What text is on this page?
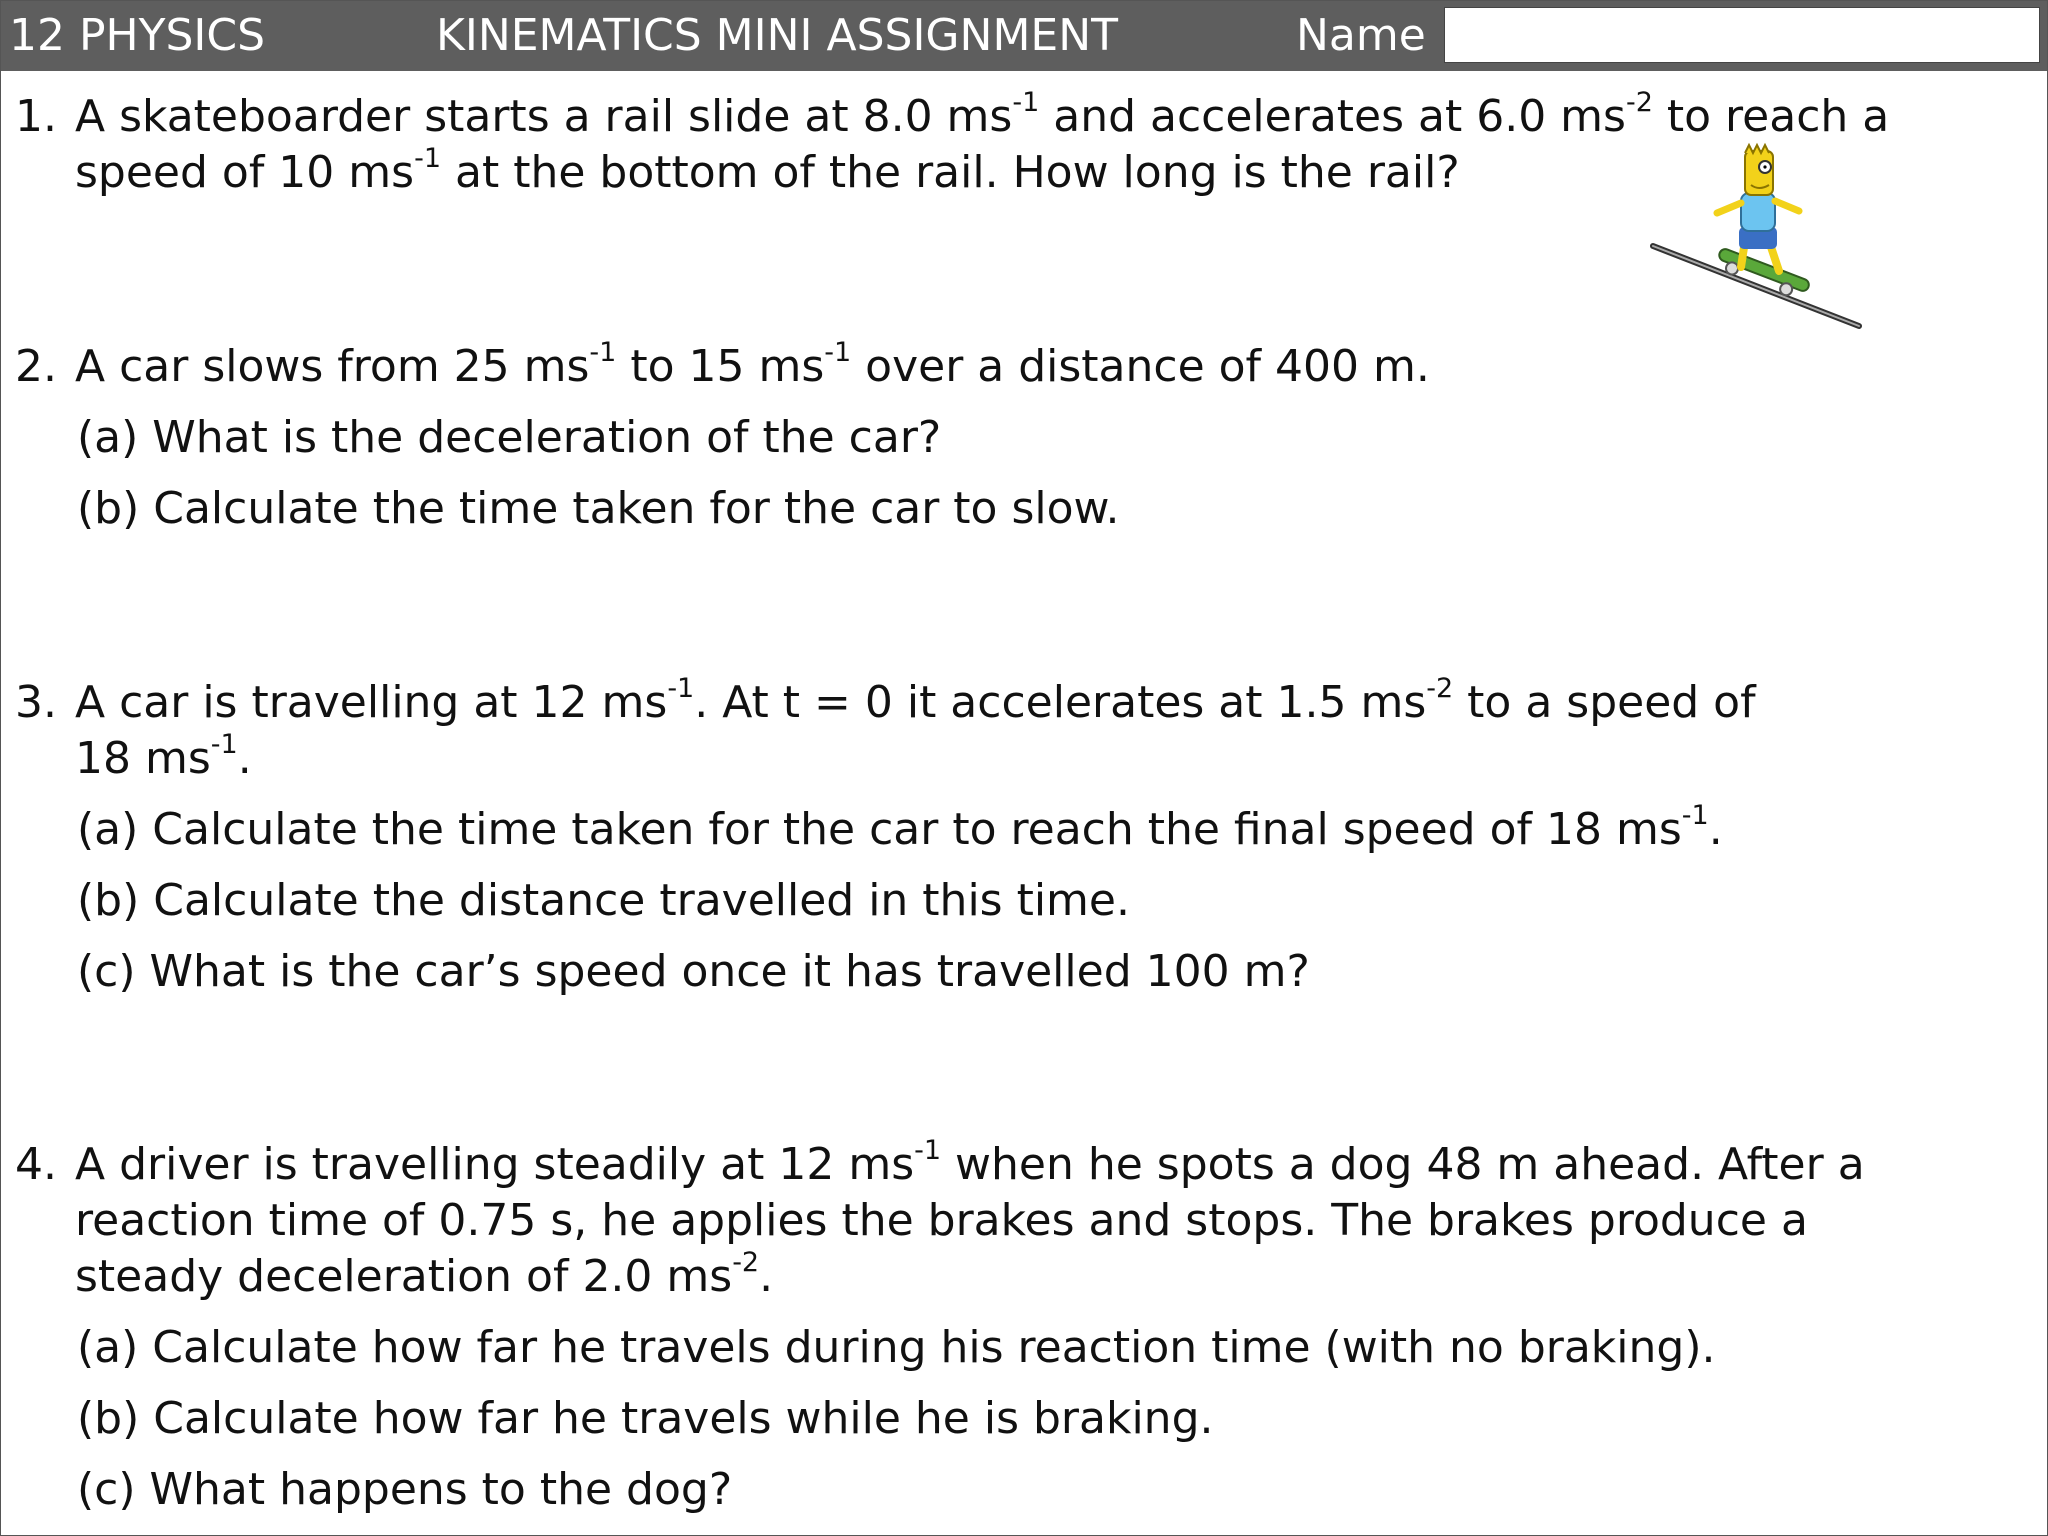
12 PHYSICS	KINEMATICS MINI ASSIGNMENT	Name
1. A skateboarder starts a rail slide at 8.0 $ms^{-1}$ and accelerates at 6.0 $ms^{-2}$ to reach a
speed of 10 $ms^{-1}$ at the bottom of the rail. How long is the rail?
2. A car slows from 25 $ms^{-1}$ to 15 $ms^{-1}$ over a distance of 400 m.
(a) What is the deceleration of the car?
(b) Calculate the time taken for the car to slow.
3. A car is travelling at 12 $ms^{-1}$. At t = 0 it accelerates at 1.5 $ms^{-2}$ to a speed of
18 $ms^{-1}$.
(a) Calculate the time taken for the car to reach the final speed of 18 $ms^{-1}$.
(b) Calculate the distance travelled in this time.
(c) What is the car’s speed once it has travelled 100 m?
4. A driver is travelling steadily at 12 $ms^{-1}$ when he spots a dog 48 m ahead. After a
reaction time of 0.75 s, he applies the brakes and stops. The brakes produce a
steady deceleration of 2.0 $ms^{-2}$.
(a) Calculate how far he travels during his reaction time (with no braking).
(b) Calculate how far he travels while he is braking.
(c) What happens to the dog?
